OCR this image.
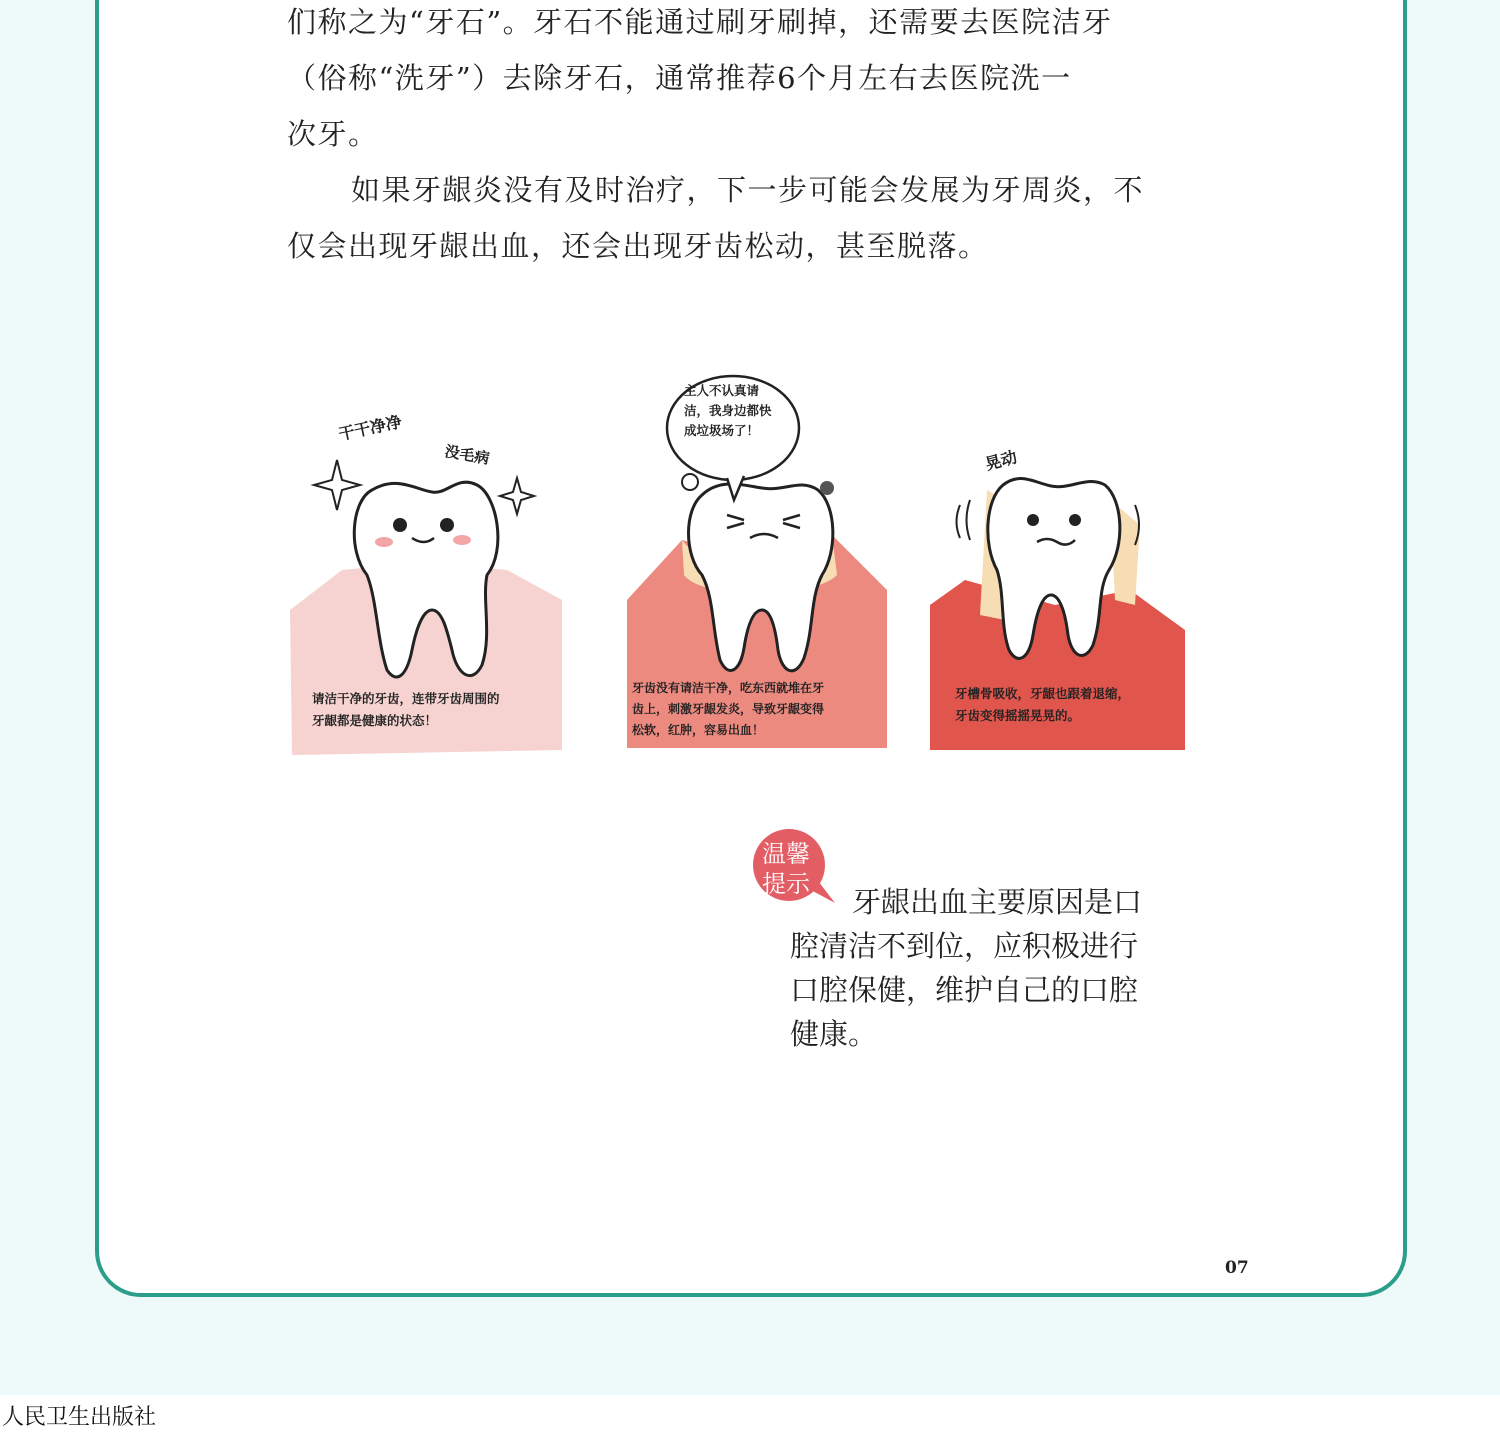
们称之为“牙石”。牙石不能通过刷牙刷掉，还需要去医院洁牙
（俗称“洗牙”）去除牙石，通常推荐6个月左右去医院洗一
次牙。
如果牙龈炎没有及时治疗，下一步可能会发展为牙周炎，不
仅会出现牙龈出血，还会出现牙齿松动，甚至脱落。
干干净净
没毛病
请洁干净的牙齿，连带牙齿周围的
牙龈都是健康的状态！
主人不认真请
洁，我身边都快
成垃圾场了！
牙齿没有请洁干净，吃东西就堆在牙
齿上，刺激牙龈发炎，导致牙龈变得
松软，红肿，容易出血！
晃动
牙槽骨吸收，牙龈也跟着退缩，
牙齿变得摇摇晃晃的。
温馨
提示
牙龈出血主要原因是口
腔清洁不到位，应积极进行
口腔保健，维护自己的口腔
健康。
07
人民卫生出版社
